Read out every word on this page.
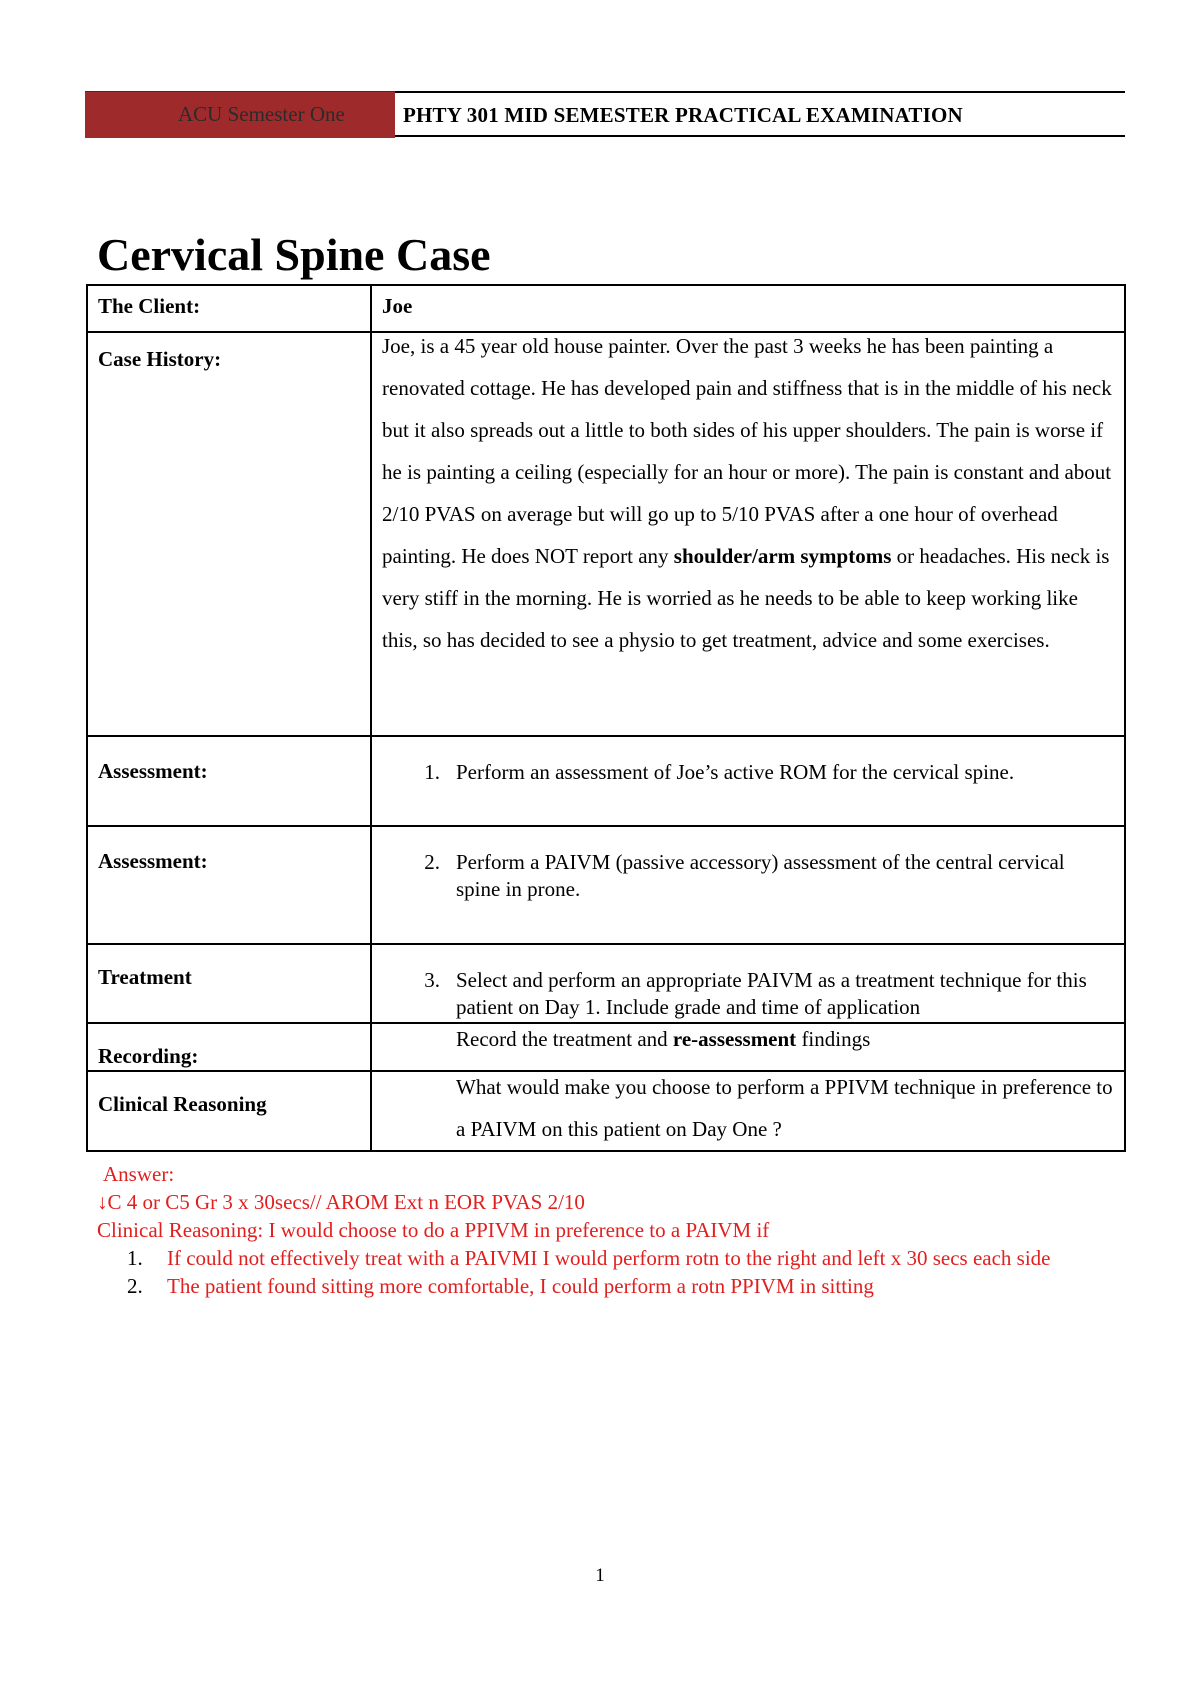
ACU Semester One	PHTY 301 MID SEMESTER PRACTICAL EXAMINATION
Cervical Spine Case
The Client:	Joe

Case History:	Joe, is a 45 year old house painter. Over the past 3 weeks he has been painting a renovated cottage. He has developed pain and stiffness that is in the middle of his neck but it also spreads out a little to both sides of his upper shoulders. The pain is worse if he is painting a ceiling (especially for an hour or more). The pain is constant and about 2/10 PVAS on average but will go up to 5/10 PVAS after a one hour of overhead painting. He does NOT report any shoulder/arm symptoms or headaches. His neck is very stiff in the morning. He is worried as he needs to be able to keep working like this, so has decided to see a physio to get treatment, advice and some exercises.

Assessment:	1. Perform an assessment of Joe’s active ROM for the cervical spine.

Assessment:	2. Perform a PAIVM (passive accessory) assessment of the central cervical spine in prone.

Treatment	3. Select and perform an appropriate PAIVM as a treatment technique for this patient on Day 1. Include grade and time of application

Recording:	Record the treatment and re-assessment findings

Clinical Reasoning	What would make you choose to perform a PPIVM technique in preference to a PAIVM on this patient on Day One ?
Answer:
↓C 4 or C5 Gr 3 x 30secs// AROM Ext n EOR PVAS 2/10
Clinical Reasoning: I would choose to do a PPIVM in preference to a PAIVM if
1.	If could not effectively treat with a PAIVMI I would perform rotn to the right and left x 30 secs each side
2.	The patient found sitting more comfortable, I could perform a rotn PPIVM in sitting
1
